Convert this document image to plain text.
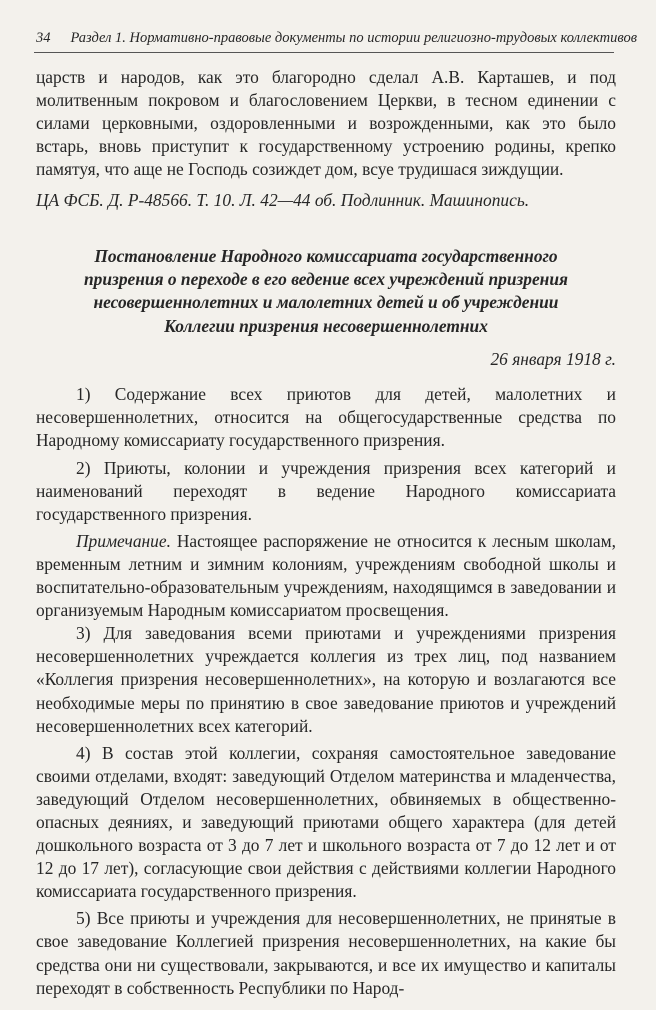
34 Раздел 1. Нормативно-правовые документы по истории религиозно-трудовых коллективов

царств и народов, как это благородно сделал А.В. Карташев, и под молитвенным покровом и благословением Церкви, в тесном единении с силами церковными, оздоровленными и возрожденными, как это было встарь, вновь приступит к государственному устроению родины, крепко памятуя, что аще не Господь созиждет дом, всуе трудишася зиждущии.

ЦА ФСБ. Д. Р-48566. Т. 10. Л. 42—44 об. Подлинник. Машинопись.

Постановление Народного комиссариата государственного призрения о переходе в его ведение всех учреждений призрения несовершеннолетних и малолетних детей и об учреждении Коллегии призрения несовершеннолетних

26 января 1918 г.

1) Содержание всех приютов для детей, малолетних и несовершеннолетних, относится на общегосударственные средства по Народному комиссариату государственного призрения.

2) Приюты, колонии и учреждения призрения всех категорий и наименований переходят в ведение Народного комиссариата государственного призрения.

Примечание. Настоящее распоряжение не относится к лесным школам, временным летним и зимним колониям, учреждениям свободной школы и воспитательно-образовательным учреждениям, находящимся в заведовании и организуемым Народным комиссариатом просвещения.

3) Для заведования всеми приютами и учреждениями призрения несовершеннолетних учреждается коллегия из трех лиц, под названием «Коллегия призрения несовершеннолетних», на которую и возлагаются все необходимые меры по принятию в свое заведование приютов и учреждений несовершеннолетних всех категорий.

4) В состав этой коллегии, сохраняя самостоятельное заведование своими отделами, входят: заведующий Отделом материнства и младенчества, заведующий Отделом несовершеннолетних, обвиняемых в общественно-опасных деяниях, и заведующий приютами общего характера (для детей дошкольного возраста от 3 до 7 лет и школьного возраста от 7 до 12 лет и от 12 до 17 лет), согласующие свои действия с действиями коллегии Народного комиссариата государственного призрения.

5) Все приюты и учреждения для несовершеннолетних, не принятые в свое заведование Коллегией призрения несовершеннолетних, на какие бы средства они ни существовали, закрываются, и все их имущество и капиталы переходят в собственность Республики по Народ-
